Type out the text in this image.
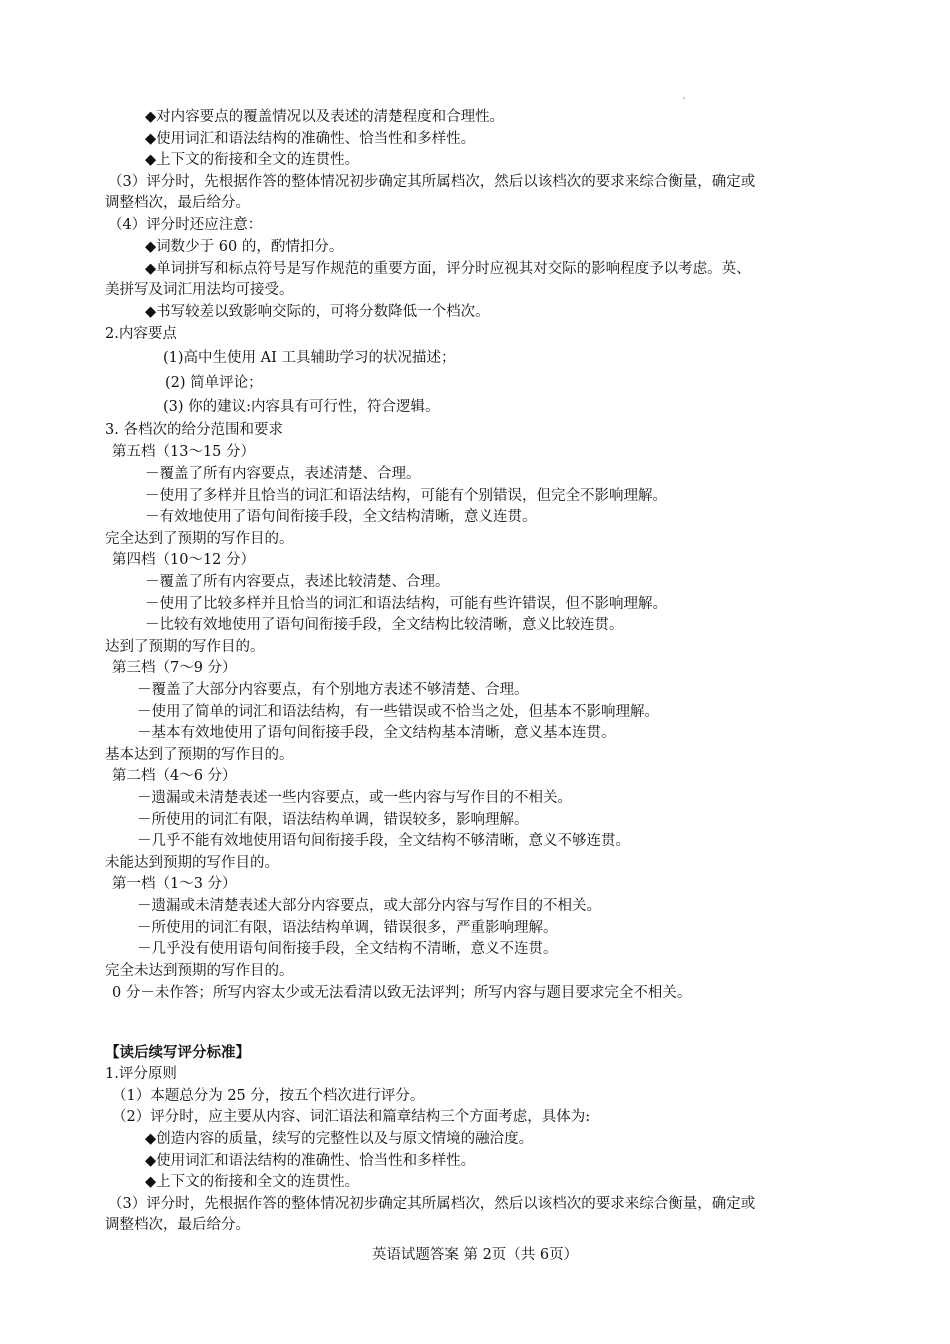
'
◆对内容要点的覆盖情况以及表述的清楚程度和合理性。
◆使用词汇和语法结构的准确性、恰当性和多样性。
◆上下文的衔接和全文的连贯性。
（3）评分时，先根据作答的整体情况初步确定其所属档次，然后以该档次的要求来综合衡量，确定或
调整档次，最后给分。
（4）评分时还应注意：
◆词数少于 60 的，酌情扣分。
◆单词拼写和标点符号是写作规范的重要方面，评分时应视其对交际的影响程度予以考虑。英、
美拼写及词汇用法均可接受。
◆书写较差以致影响交际的，可将分数降低一个档次。
2.内容要点
(1)高中生使用 AI 工具辅助学习的状况描述；
(2) 简单评论；
(3) 你的建议:内容具有可行性，符合逻辑。
3. 各档次的给分范围和要求
第五档（13～15 分）
－覆盖了所有内容要点，表述清楚、合理。
－使用了多样并且恰当的词汇和语法结构，可能有个别错误，但完全不影响理解。
－有效地使用了语句间衔接手段，全文结构清晰，意义连贯。
完全达到了预期的写作目的。
第四档（10～12 分）
－覆盖了所有内容要点，表述比较清楚、合理。
－使用了比较多样并且恰当的词汇和语法结构，可能有些许错误，但不影响理解。
－比较有效地使用了语句间衔接手段，全文结构比较清晰，意义比较连贯。
达到了预期的写作目的。
第三档（7～9 分）
－覆盖了大部分内容要点，有个别地方表述不够清楚、合理。
－使用了简单的词汇和语法结构，有一些错误或不恰当之处，但基本不影响理解。
－基本有效地使用了语句间衔接手段，全文结构基本清晰，意义基本连贯。
基本达到了预期的写作目的。
第二档（4～6 分）
－遗漏或未清楚表述一些内容要点，或一些内容与写作目的不相关。
－所使用的词汇有限，语法结构单调，错误较多，影响理解。
－几乎不能有效地使用语句间衔接手段，全文结构不够清晰，意义不够连贯。
未能达到预期的写作目的。
第一档（1～3 分）
－遗漏或未清楚表述大部分内容要点，或大部分内容与写作目的不相关。
－所使用的词汇有限，语法结构单调，错误很多，严重影响理解。
－几乎没有使用语句间衔接手段，全文结构不清晰，意义不连贯。
完全未达到预期的写作目的。
0 分－未作答；所写内容太少或无法看清以致无法评判；所写内容与题目要求完全不相关。
【读后续写评分标准】
1.评分原则
（1）本题总分为 25 分，按五个档次进行评分。
（2）评分时，应主要从内容、词汇语法和篇章结构三个方面考虑，具体为:
◆创造内容的质量，续写的完整性以及与原文情境的融洽度。
◆使用词汇和语法结构的准确性、恰当性和多样性。
◆上下文的衔接和全文的连贯性。
（3）评分时，先根据作答的整体情况初步确定其所属档次，然后以该档次的要求来综合衡量，确定或
调整档次，最后给分。
英语试题答案 第 2页（共 6页）
